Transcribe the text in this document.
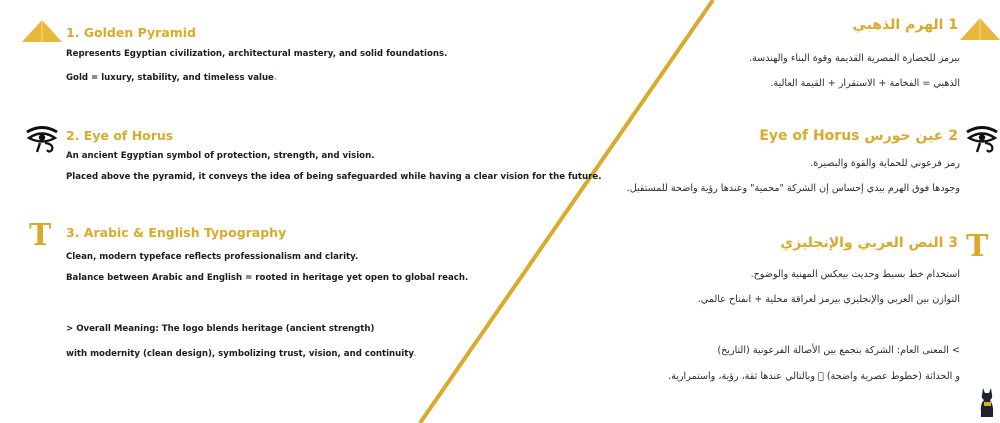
1. Golden Pyramid
Represents Egyptian civilization, architectural mastery, and solid foundations.
Gold = luxury, stability, and timeless value.
2. Eye of Horus
An ancient Egyptian symbol of protection, strength, and vision.
Placed above the pyramid, it conveys the idea of being safeguarded while having a clear vision for the future.
T 3. Arabic & English Typography
Clean, modern typeface reflects professionalism and clarity.
Balance between Arabic and English = rooted in heritage yet open to global reach.
> Overall Meaning: The logo blends heritage (ancient strength)
with modernity (clean design), symbolizing trust, vision, and continuity.
1 الهرم الذهبي
بيرمز للحضارة المصرية القديمة وقوة البناء والهندسة.
الذهبي = الفخامة + الاستقرار + القيمة العالية.
2 عين حورس Eye of Horus
رمز فرعوني للحماية والقوة والبصيرة.
وجودها فوق الهرم بيدي إحساس إن الشركة "محمية" وعندها رؤية واضحة للمستقبل.
T
3 النص العربي والإنجليزي
استخدام خط بسيط وحديث بيعكس المهنية والوضوح.
التوازن بين العربي والإنجليزي بيرمز لعراقة محلية + انفتاح عالمي.
> المعنى العام: الشركة بتجمع بين الأصالة الفرعونية (التاريخ)
و الحداثة (خطوط عصرية واضحة) ⃝ وبالتالي عندها ثقة، رؤية، واستمرارية.
